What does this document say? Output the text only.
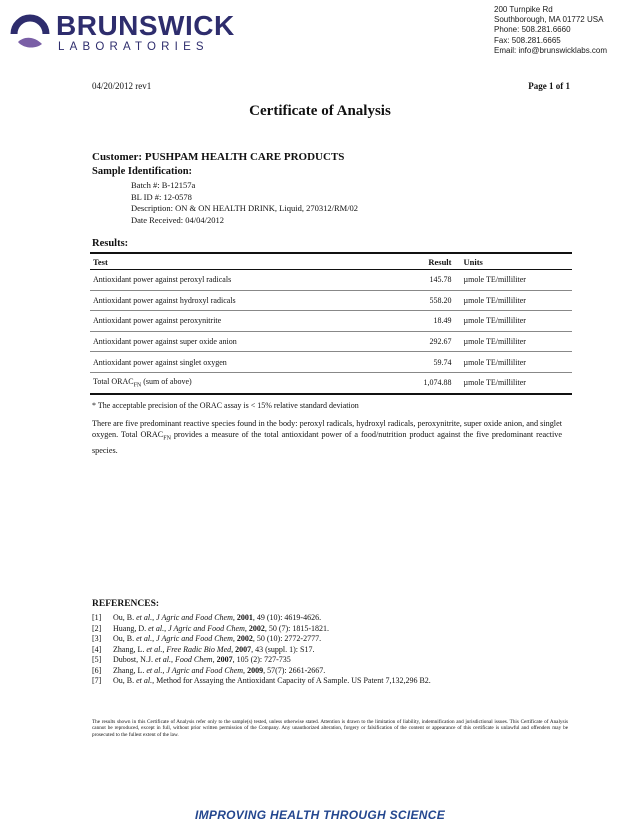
BRUNSWICK
LABORATORIES
200 Turnpike Rd
Southborough, MA 01772 USA
Phone: 508.281.6660
Fax: 508.281.6665
Email: info@brunswicklabs.com
04/20/2012 rev1	Page 1 of 1
Certificate of Analysis
Customer: PUSHPAM HEALTH CARE PRODUCTS
Sample Identification:
Batch #: B-12157a
BL ID #: 12-0578
Description: ON & ON HEALTH DRINK, Liquid, 270312/RM/02
Date Received: 04/04/2012
Results:
Test	Result	Units
Antioxidant power against peroxyl radicals	145.78	µmole TE/milliliter
Antioxidant power against hydroxyl radicals	558.20	µmole TE/milliliter
Antioxidant power against peroxynitrite	18.49	µmole TE/milliliter
Antioxidant power against super oxide anion	292.67	µmole TE/milliliter
Antioxidant power against singlet oxygen	59.74	µmole TE/milliliter
Total $ORAC_{FN}$ (sum of above)	1,074.88	µmole TE/milliliter
* The acceptable precision of the ORAC assay is < 15% relative standard deviation
There are five predominant reactive species found in the body: peroxyl radicals, hydroxyl radicals, peroxynitrite, super oxide anion, and singlet oxygen. Total $ORAC_{FN}$ provides a measure of the total antioxidant power of a food/nutrition product against the five predominant reactive species.
REFERENCES:
[1]	Ou, B. et al., J Agric and Food Chem, 2001, 49 (10): 4619-4626.
[2]	Huang, D. et al., J Agric and Food Chem, 2002, 50 (7): 1815-1821.
[3]	Ou, B. et al., J Agric and Food Chem, 2002, 50 (10): 2772-2777.
[4]	Zhang, L. et al., Free Radic Bio Med, 2007, 43 (suppl. 1): S17.
[5]	Dubost, N.J. et al., Food Chem, 2007, 105 (2): 727-735
[6]	Zhang, L. et al., J Agric and Food Chem, 2009, 57(7): 2661-2667.
[7]	Ou, B. et al., Method for Assaying the Antioxidant Capacity of A Sample. US Patent 7,132,296 B2.
The results shown in this Certificate of Analysis refer only to the sample(s) tested, unless otherwise stated. Attention is drawn to the limitation of liability, indemnification and jurisdictional issues. This Certificate of Analysis cannot be reproduced, except in full, without prior written permission of the Company. Any unauthorized alteration, forgery or falsification of the content or appearance of this certificate is unlawful and offenders may be prosecuted to the fullest extent of the law.
IMPROVING HEALTH THROUGH SCIENCE
